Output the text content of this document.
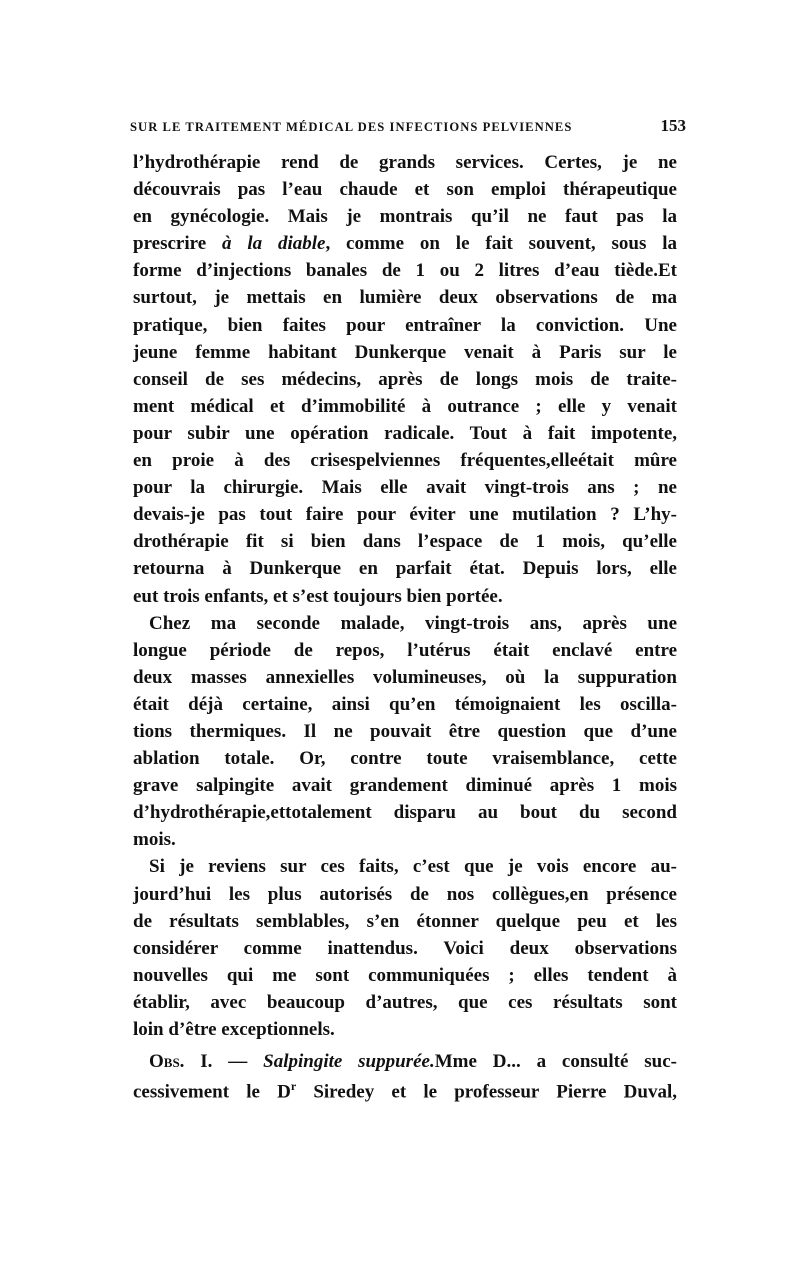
SUR LE TRAITEMENT MÉDICAL DES INFECTIONS PELVIENNES	153
l’hydrothérapie rend de grands services. Certes, je ne
découvrais pas l’eau chaude et son emploi thérapeutique
en gynécologie. Mais je montrais qu’il ne faut pas la
prescrire à la diable, comme on le fait souvent, sous la
forme d’injections banales de 1 ou 2 litres d’eau tiède.Et
surtout, je mettais en lumière deux observations de ma
pratique, bien faites pour entraîner la conviction. Une
jeune femme habitant Dunkerque venait à Paris sur le
conseil de ses médecins, après de longs mois de traite-
ment médical et d’immobilité à outrance ; elle y venait
pour subir une opération radicale. Tout à fait impotente,
en proie à des crisespelviennes fréquentes,elleétait mûre
pour la chirurgie. Mais elle avait vingt-trois ans ; ne
devais-je pas tout faire pour éviter une mutilation ? L’hy-
drothérapie fit si bien dans l’espace de 1 mois, qu’elle
retourna à Dunkerque en parfait état. Depuis lors, elle
eut trois enfants, et s’est toujours bien portée.
Chez ma seconde malade, vingt-trois ans, après une
longue période de repos, l’utérus était enclavé entre
deux masses annexielles volumineuses, où la suppuration
était déjà certaine, ainsi qu’en témoignaient les oscilla-
tions thermiques. Il ne pouvait être question que d’une
ablation totale. Or, contre toute vraisemblance, cette
grave salpingite avait grandement diminué après 1 mois
d’hydrothérapie,ettotalement disparu au bout du second
mois.
Si je reviens sur ces faits, c’est que je vois encore au-
jourd’hui les plus autorisés de nos collègues,en présence
de résultats semblables, s’en étonner quelque peu et les
considérer comme inattendus. Voici deux observations
nouvelles qui me sont communiquées ; elles tendent à
établir, avec beaucoup d’autres, que ces résultats sont
loin d’être exceptionnels.
Obs. I. — Salpingite suppurée.Mme D... a consulté suc-
cessivement le $D^r$ Siredey et le professeur Pierre Duval,
